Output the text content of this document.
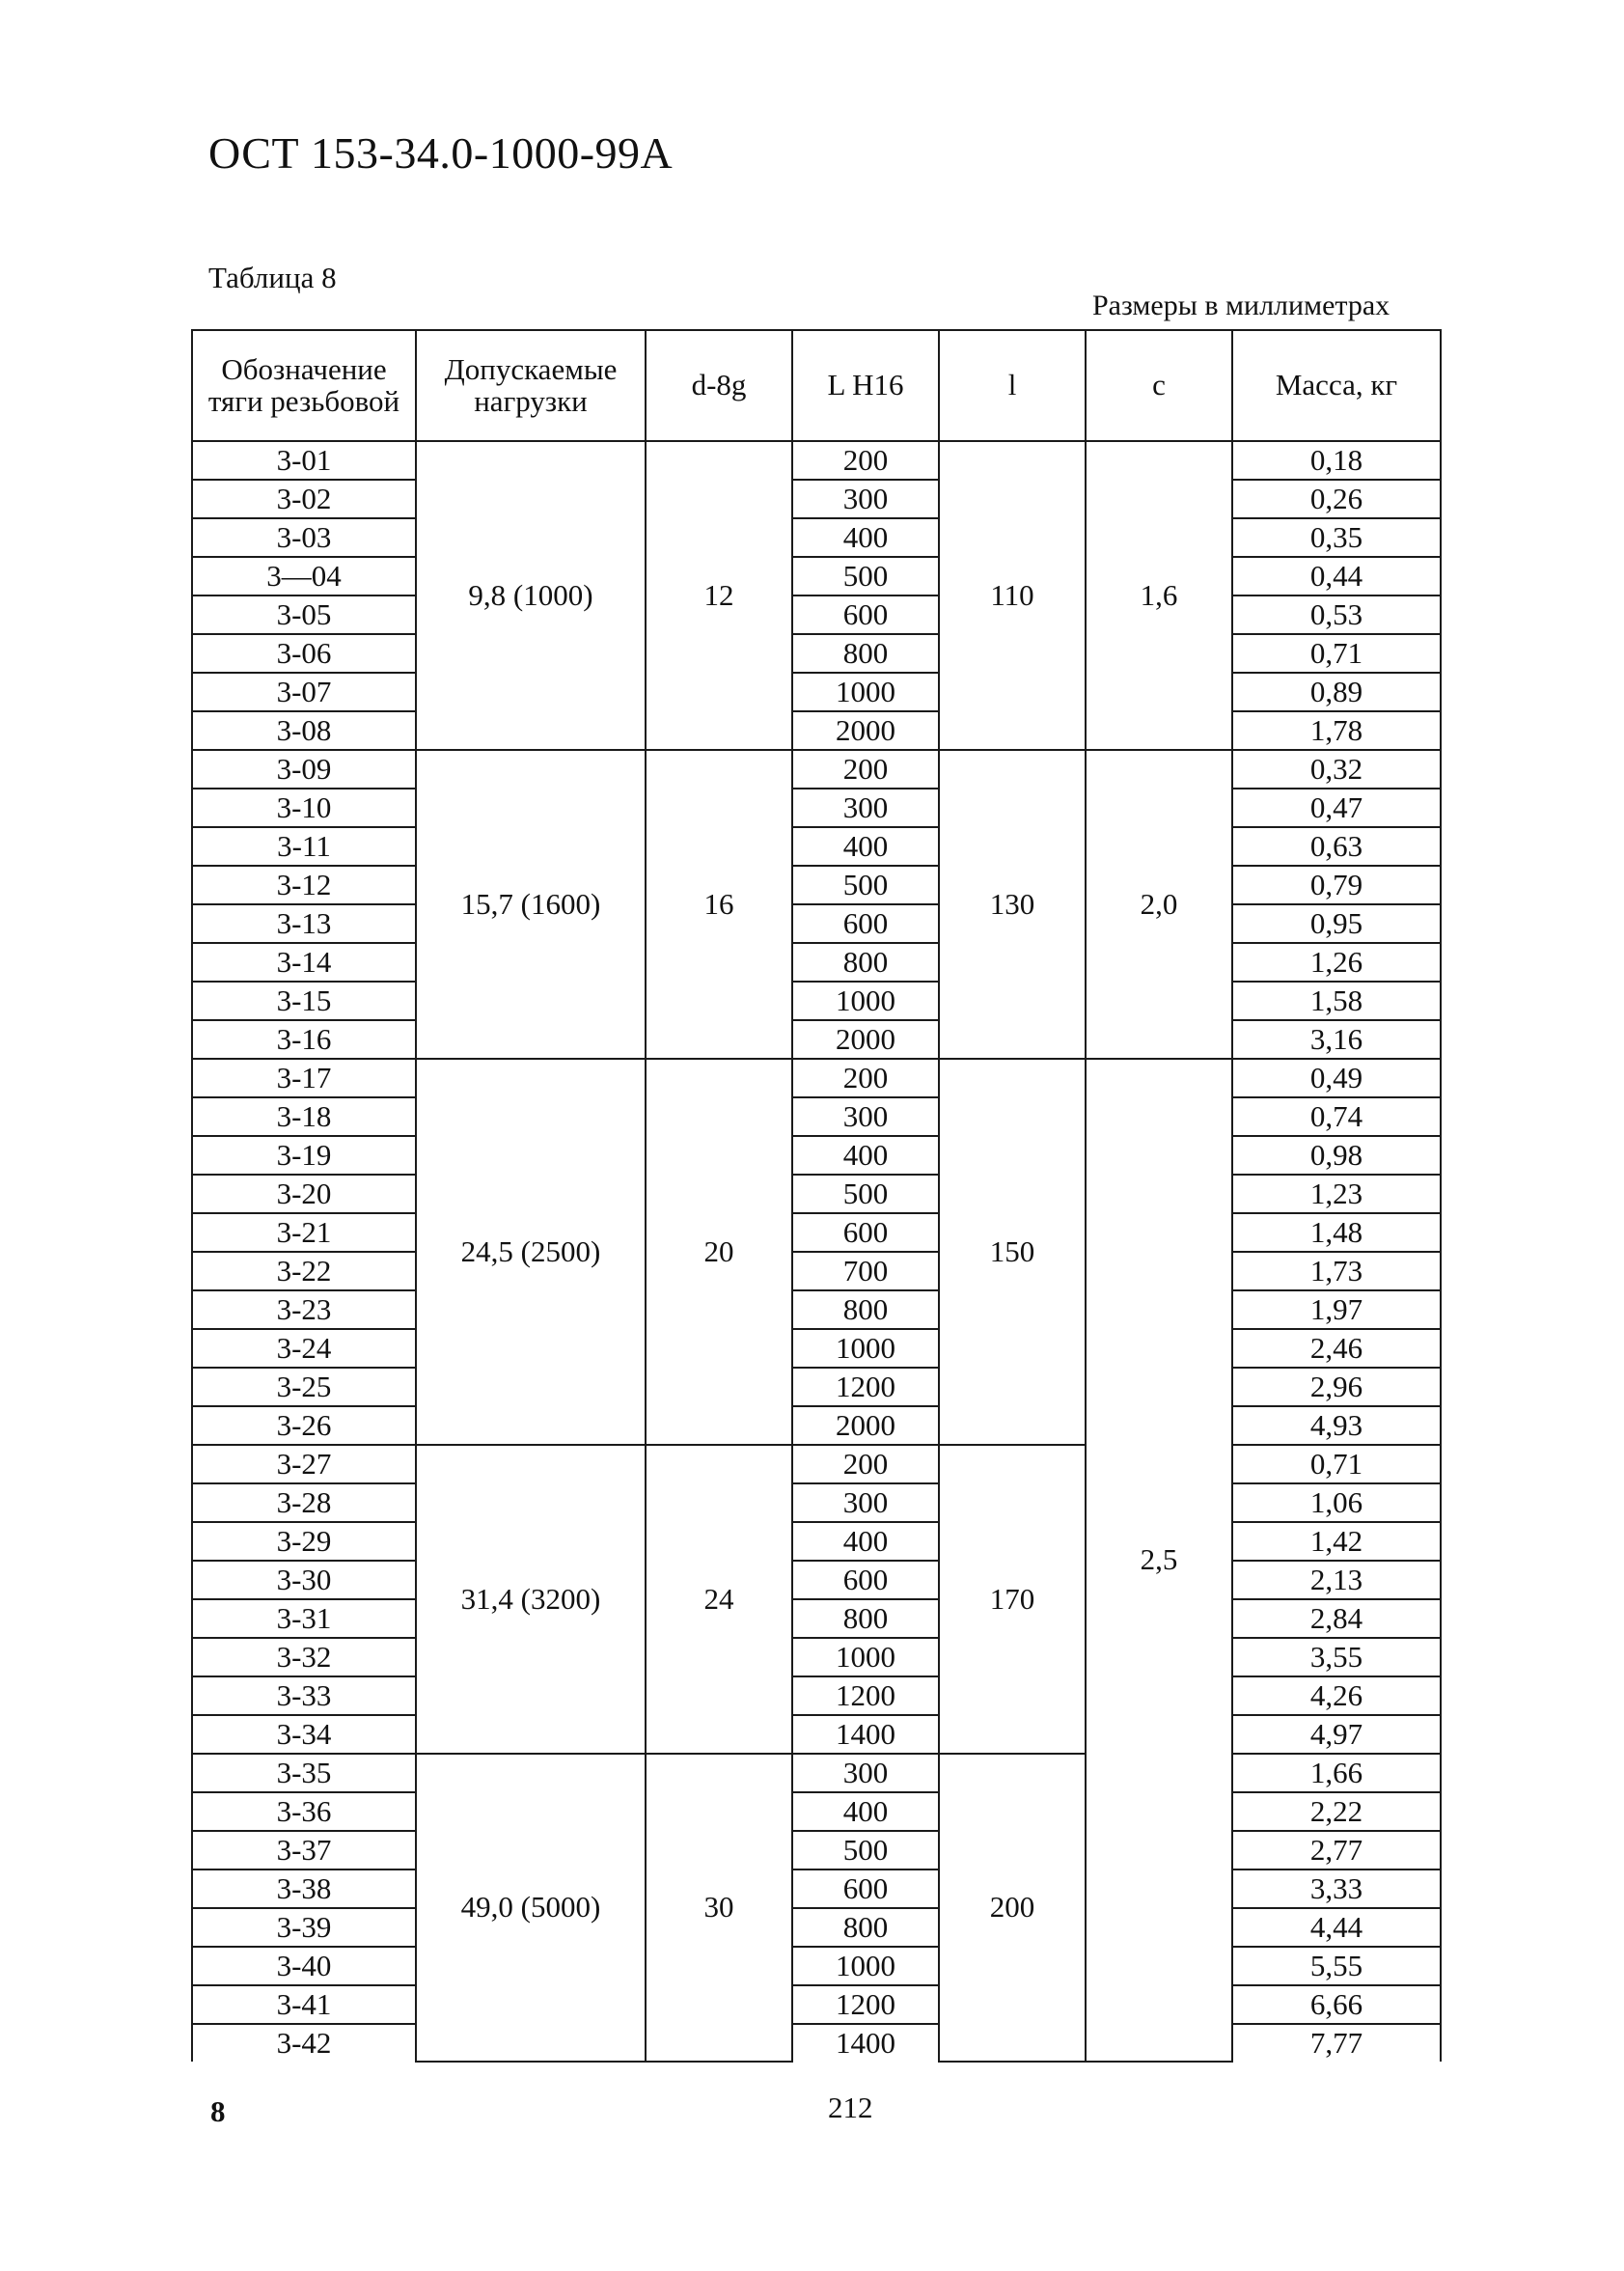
ОСТ 153-34.0-1000-99А
Таблица 8
Размеры в миллиметрах
Обозначение тяги резьбовой	Допускаемые нагрузки	d-8g	L H16	l	c	Масса, кг
3-01	9,8 (1000)	12	200	110	1,6	0,18
3-02			300			0,26
3-03			400			0,35
3—04			500			0,44
3-05			600			0,53
3-06			800			0,71
3-07			1000			0,89
3-08			2000			1,78
3-09	15,7 (1600)	16	200	130	2,0	0,32
3-10			300			0,47
3-11			400			0,63
3-12			500			0,79
3-13			600			0,95
3-14			800			1,26
3-15			1000			1,58
3-16			2000			3,16
3-17	24,5 (2500)	20	200	150	2,5	0,49
3-18			300			0,74
3-19			400			0,98
3-20			500			1,23
3-21			600			1,48
3-22			700			1,73
3-23			800			1,97
3-24			1000			2,46
3-25			1200			2,96
3-26			2000			4,93
3-27	31,4 (3200)	24	200	170		0,71
3-28			300			1,06
3-29			400			1,42
3-30			600			2,13
3-31			800			2,84
3-32			1000			3,55
3-33			1200			4,26
3-34			1400			4,97
3-35	49,0 (5000)	30	300	200		1,66
3-36			400			2,22
3-37			500			2,77
3-38			600			3,33
3-39			800			4,44
3-40			1000			5,55
3-41			1200			6,66
3-42			1400			7,77
8	212
